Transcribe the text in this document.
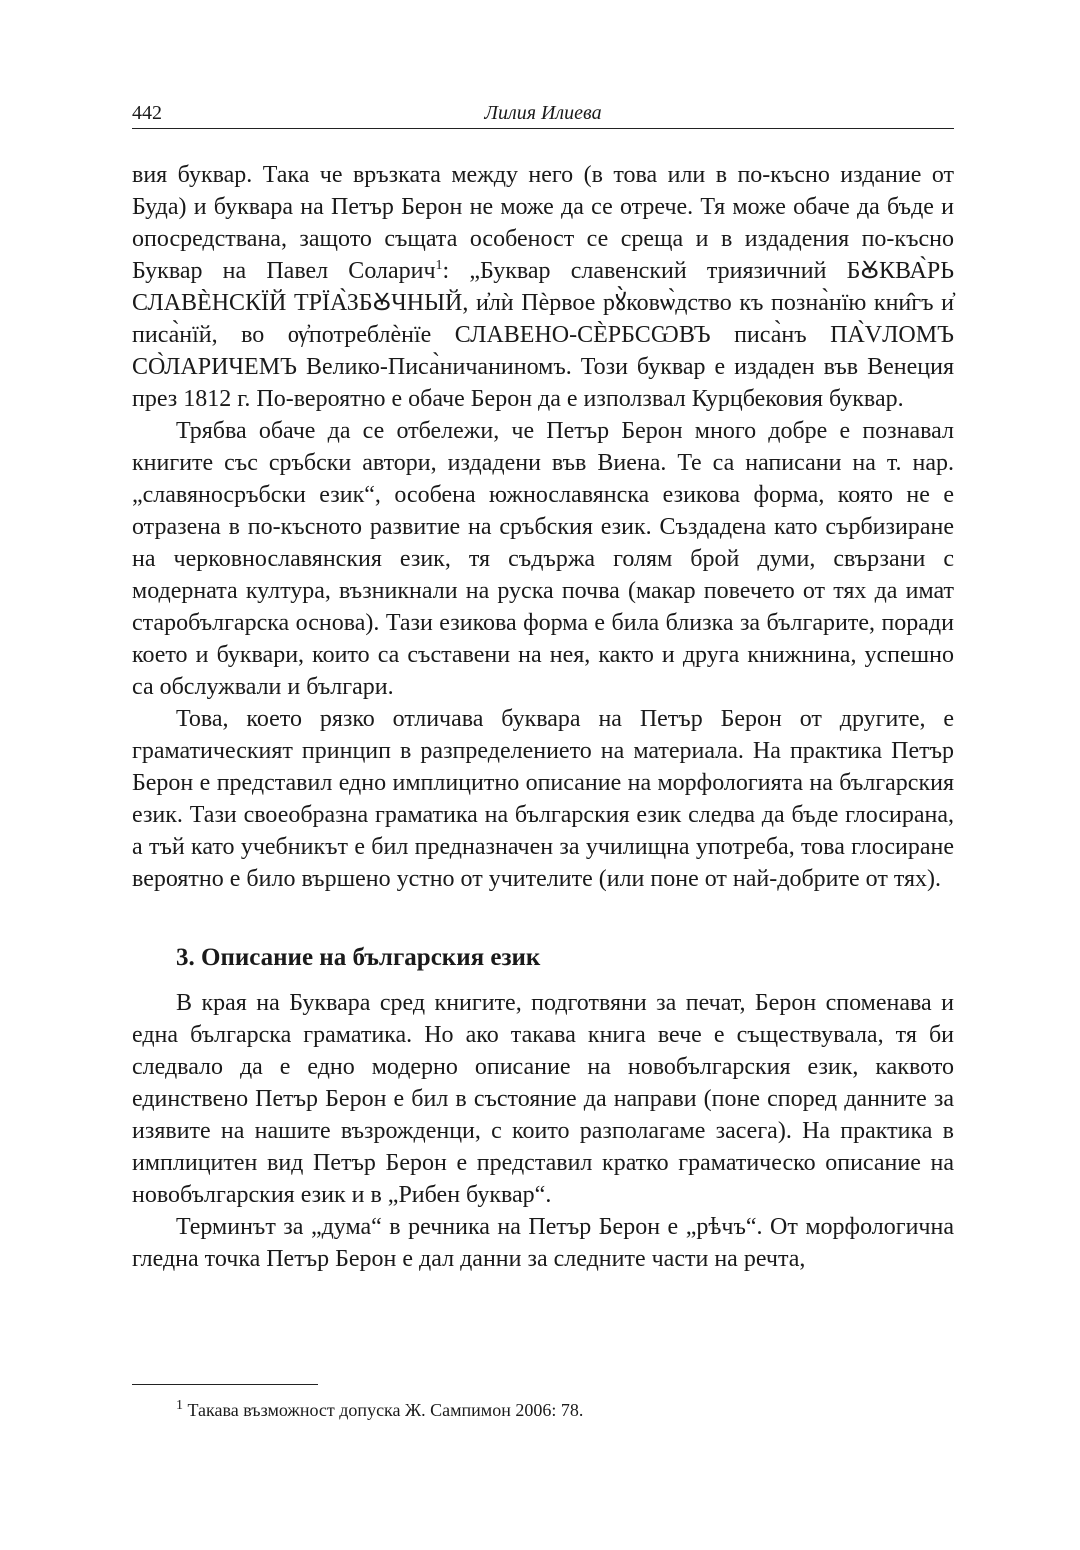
442	Лилия Илиева

вия буквар. Така че връзката между него (в това или в по-късно издание от Буда) и буквара на Петър Берон не може да се отрече. Тя може обаче да бъде и опосредствана, защото същата особеност се среща и в издадения по-късно Буквар на Павел Соларич$^1$: „Буквар славенский триязичний БꙊКВА̀РЬ СЛАВЀНСКЇЙ ТРЇА̀ЗБꙊЧНЫЙ, и҆лѝ Пѐрвое рꙋ̀ковѡ̀дство къ позна̀нїю кни̂гъ и҆ писа̀нїй, во ѹ҆потреблѐнїе СЛАВЕНО-СЀРБСѠВЪ писа̀нъ ПА̀VЛОМЪ СО̀ЛАРИЧЕМЪ Велико-Писа̀ничаниномъ. Този буквар е издаден във Венеция през 1812 г. По-вероятно е обаче Берон да е използвал Курцбековия буквар.

Трябва обаче да се отбележи, че Петър Берон много добре е познавал книгите със сръбски автори, издадени във Виена. Те са написани на т. нар. „славяносръбски език“, особена южнославянска езикова форма, която не е отразена в по-късното развитие на сръбския език. Създадена като сърбизиране на черковнославянския език, тя съдържа голям брой думи, свързани с модерната култура, възникнали на руска почва (макар повечето от тях да имат старобългарска основа). Тази езикова форма е била близка за българите, поради което и буквари, които са съставени на нея, както и друга книжнина, успешно са обслужвали и българи.

Това, което рязко отличава буквара на Петър Берон от другите, е граматическият принцип в разпределението на материала. На практика Петър Берон е представил едно имплицитно описание на морфологията на българския език. Тази своеобразна граматика на българския език следва да бъде глосирана, а тъй като учебникът е бил предназначен за училищна употреба, това глосиране вероятно е било вършено устно от учителите (или поне от най-добрите от тях).

3. Описание на българския език

В края на Буквара сред книгите, подготвяни за печат, Берон споменава и една българска граматика. Но ако такава книга вече е съществувала, тя би следвало да е едно модерно описание на новобългарския език, каквото единствено Петър Берон е бил в състояние да направи (поне според данните за изявите на нашите възрожденци, с които разполагаме засега). На практика в имплицитен вид Петър Берон е представил кратко граматическо описание на новобългарския език и в „Рибен буквар“.

Терминът за „дума“ в речника на Петър Берон е „рѣчъ“. От морфологична гледна точка Петър Берон е дал данни за следните части на речта,

$^1$ Такава възможност допуска Ж. Сампимон 2006: 78.
